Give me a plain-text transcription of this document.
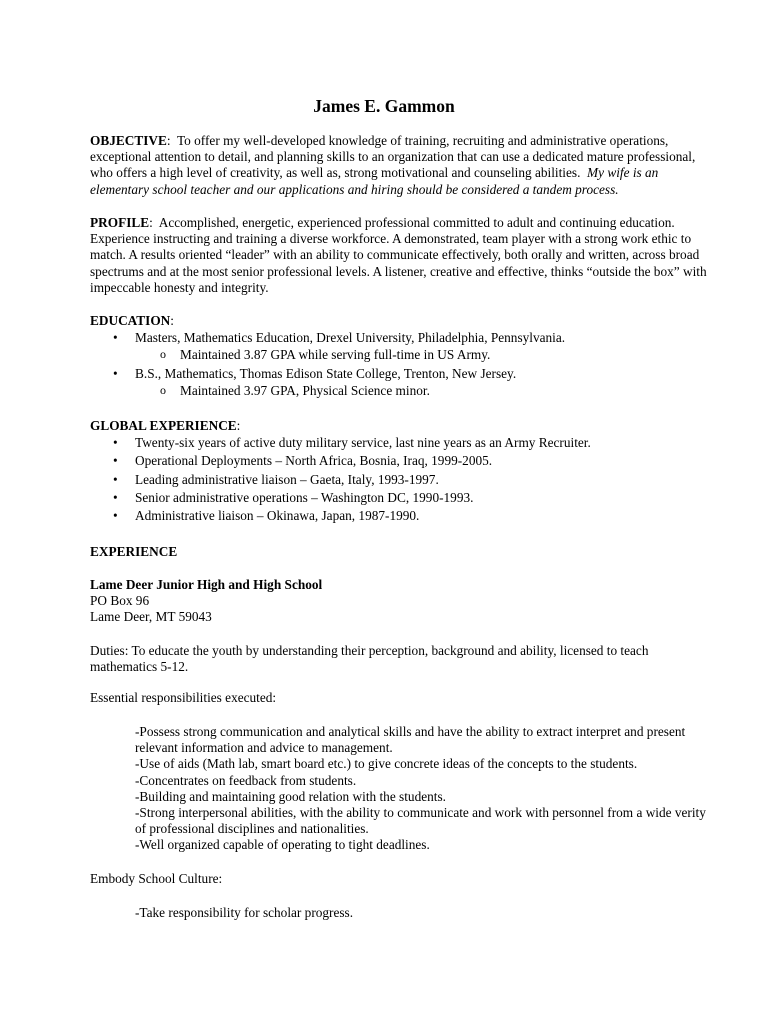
James E. Gammon

OBJECTIVE: To offer my well-developed knowledge of training, recruiting and administrative operations, exceptional attention to detail, and planning skills to an organization that can use a dedicated mature professional, who offers a high level of creativity, as well as, strong motivational and counseling abilities. My wife is an elementary school teacher and our applications and hiring should be considered a tandem process.

PROFILE: Accomplished, energetic, experienced professional committed to adult and continuing education. Experience instructing and training a diverse workforce. A demonstrated, team player with a strong work ethic to match. A results oriented “leader” with an ability to communicate effectively, both orally and written, across broad spectrums and at the most senior professional levels. A listener, creative and effective, thinks “outside the box” with impeccable honesty and integrity.

EDUCATION:
• Masters, Mathematics Education, Drexel University, Philadelphia, Pennsylvania.
o Maintained 3.87 GPA while serving full-time in US Army.
• B.S., Mathematics, Thomas Edison State College, Trenton, New Jersey.
o Maintained 3.97 GPA, Physical Science minor.
GLOBAL EXPERIENCE:
• Twenty-six years of active duty military service, last nine years as an Army Recruiter.
• Operational Deployments – North Africa, Bosnia, Iraq, 1999-2005.
• Leading administrative liaison – Gaeta, Italy, 1993-1997.
• Senior administrative operations – Washington DC, 1990-1993.
• Administrative liaison – Okinawa, Japan, 1987-1990.
EXPERIENCE
Lame Deer Junior High and High School
PO Box 96
Lame Deer, MT 59043

Duties: To educate the youth by understanding their perception, background and ability, licensed to teach mathematics 5-12.

Essential responsibilities executed:

-Possess strong communication and analytical skills and have the ability to extract interpret and present relevant information and advice to management.
-Use of aids (Math lab, smart board etc.) to give concrete ideas of the concepts to the students.
-Concentrates on feedback from students.
-Building and maintaining good relation with the students.
-Strong interpersonal abilities, with the ability to communicate and work with personnel from a wide verity of professional disciplines and nationalities.
-Well organized capable of operating to tight deadlines.

Embody School Culture:

-Take responsibility for scholar progress.
